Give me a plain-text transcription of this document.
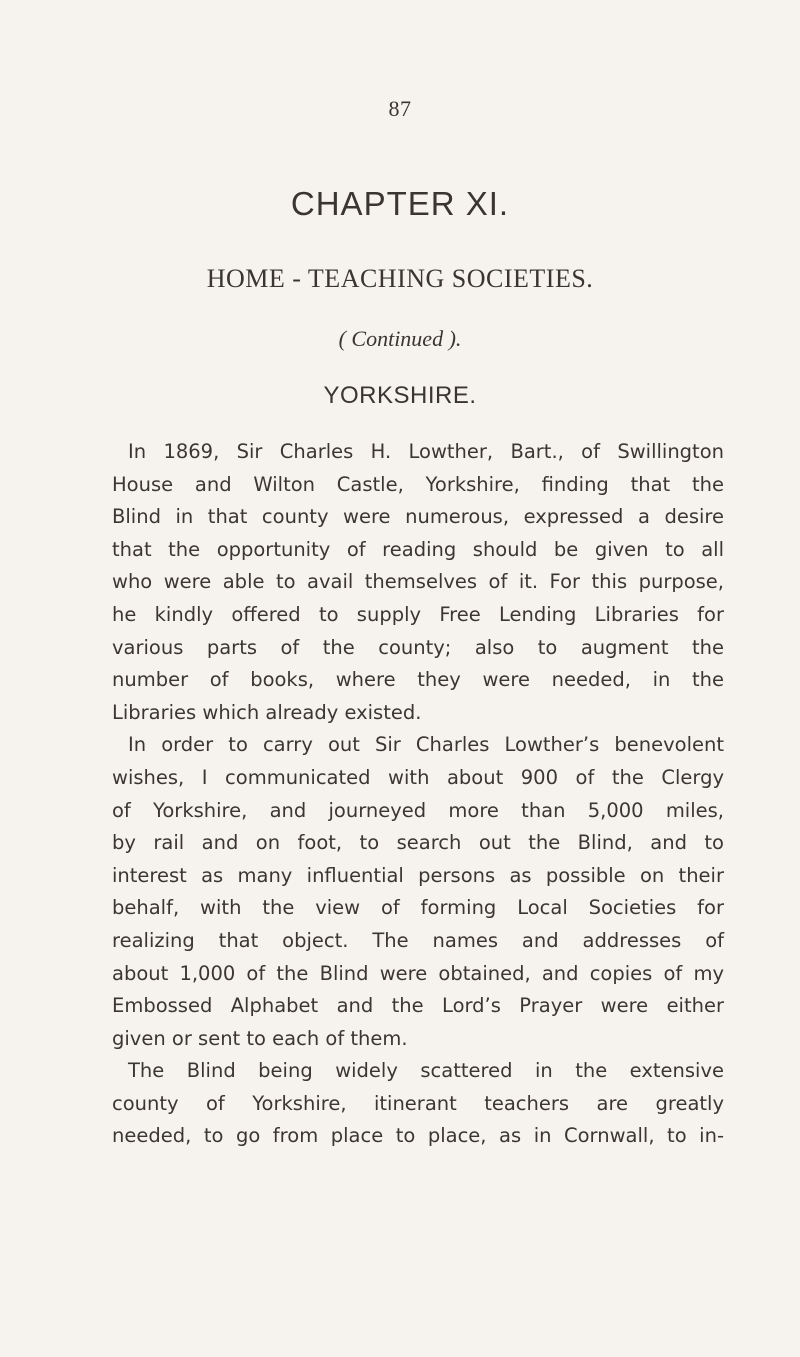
87
CHAPTER XI.
HOME - TEACHING SOCIETIES.
( Continued ).
YORKSHIRE.
In 1869, Sir Charles H. Lowther, Bart., of Swillington
House and Wilton Castle, Yorkshire, finding that the
Blind in that county were numerous, expressed a desire
that the opportunity of reading should be given to all
who were able to avail themselves of it. For this purpose,
he kindly offered to supply Free Lending Libraries for
various parts of the county; also to augment the
number of books, where they were needed, in the
Libraries which already existed.
In order to carry out Sir Charles Lowther’s benevolent
wishes, I communicated with about 900 of the Clergy
of Yorkshire, and journeyed more than 5,000 miles,
by rail and on foot, to search out the Blind, and to
interest as many influential persons as possible on their
behalf, with the view of forming Local Societies for
realizing that object. The names and addresses of
about 1,000 of the Blind were obtained, and copies of my
Embossed Alphabet and the Lord’s Prayer were either
given or sent to each of them.
The Blind being widely scattered in the extensive
county of Yorkshire, itinerant teachers are greatly
needed, to go from place to place, as in Cornwall, to in-
